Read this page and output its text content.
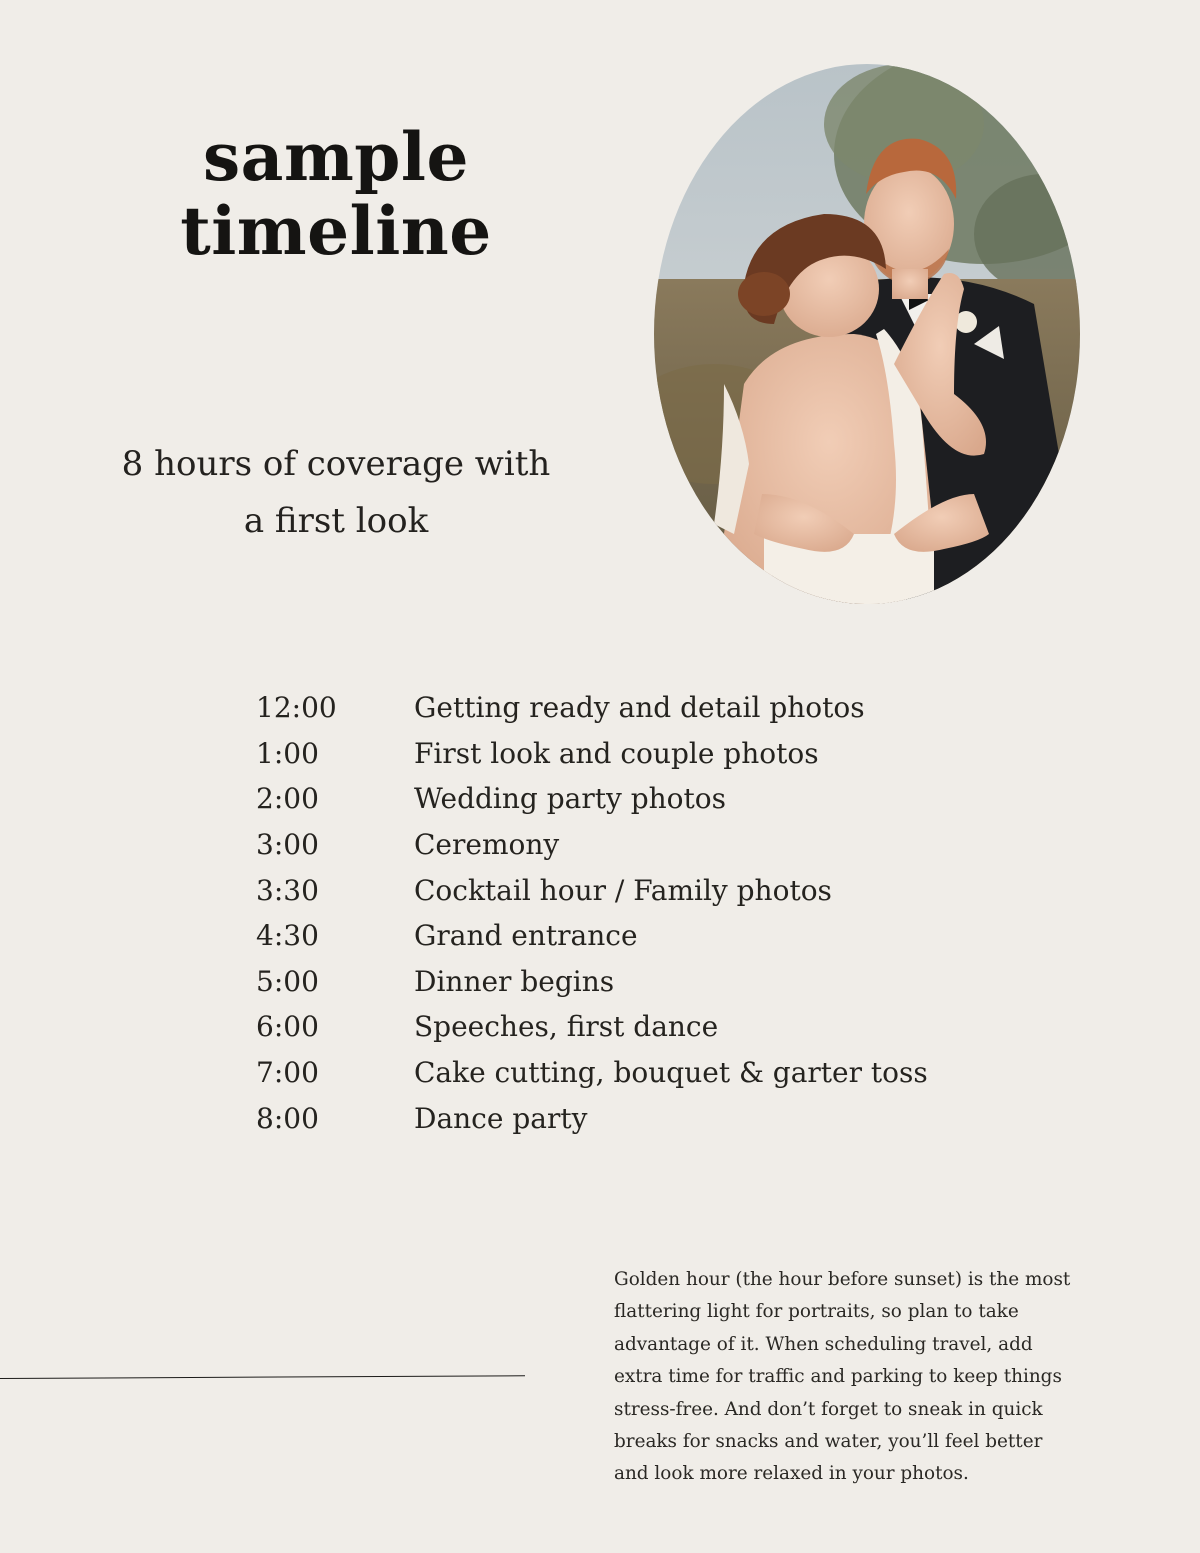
sample
timeline
8 hours of coverage with
a first look
12:00	Getting ready and detail photos
1:00	First look and couple photos
2:00	Wedding party photos
3:00	Ceremony
3:30	Cocktail hour / Family photos
4:30	Grand entrance
5:00	Dinner begins
6:00	Speeches, first dance
7:00	Cake cutting, bouquet & garter toss
8:00	Dance party
Golden hour (the hour before sunset) is the most
flattering light for portraits, so plan to take
advantage of it. When scheduling travel, add
extra time for traffic and parking to keep things
stress-free. And don’t forget to sneak in quick
breaks for snacks and water, you’ll feel better
and look more relaxed in your photos.
